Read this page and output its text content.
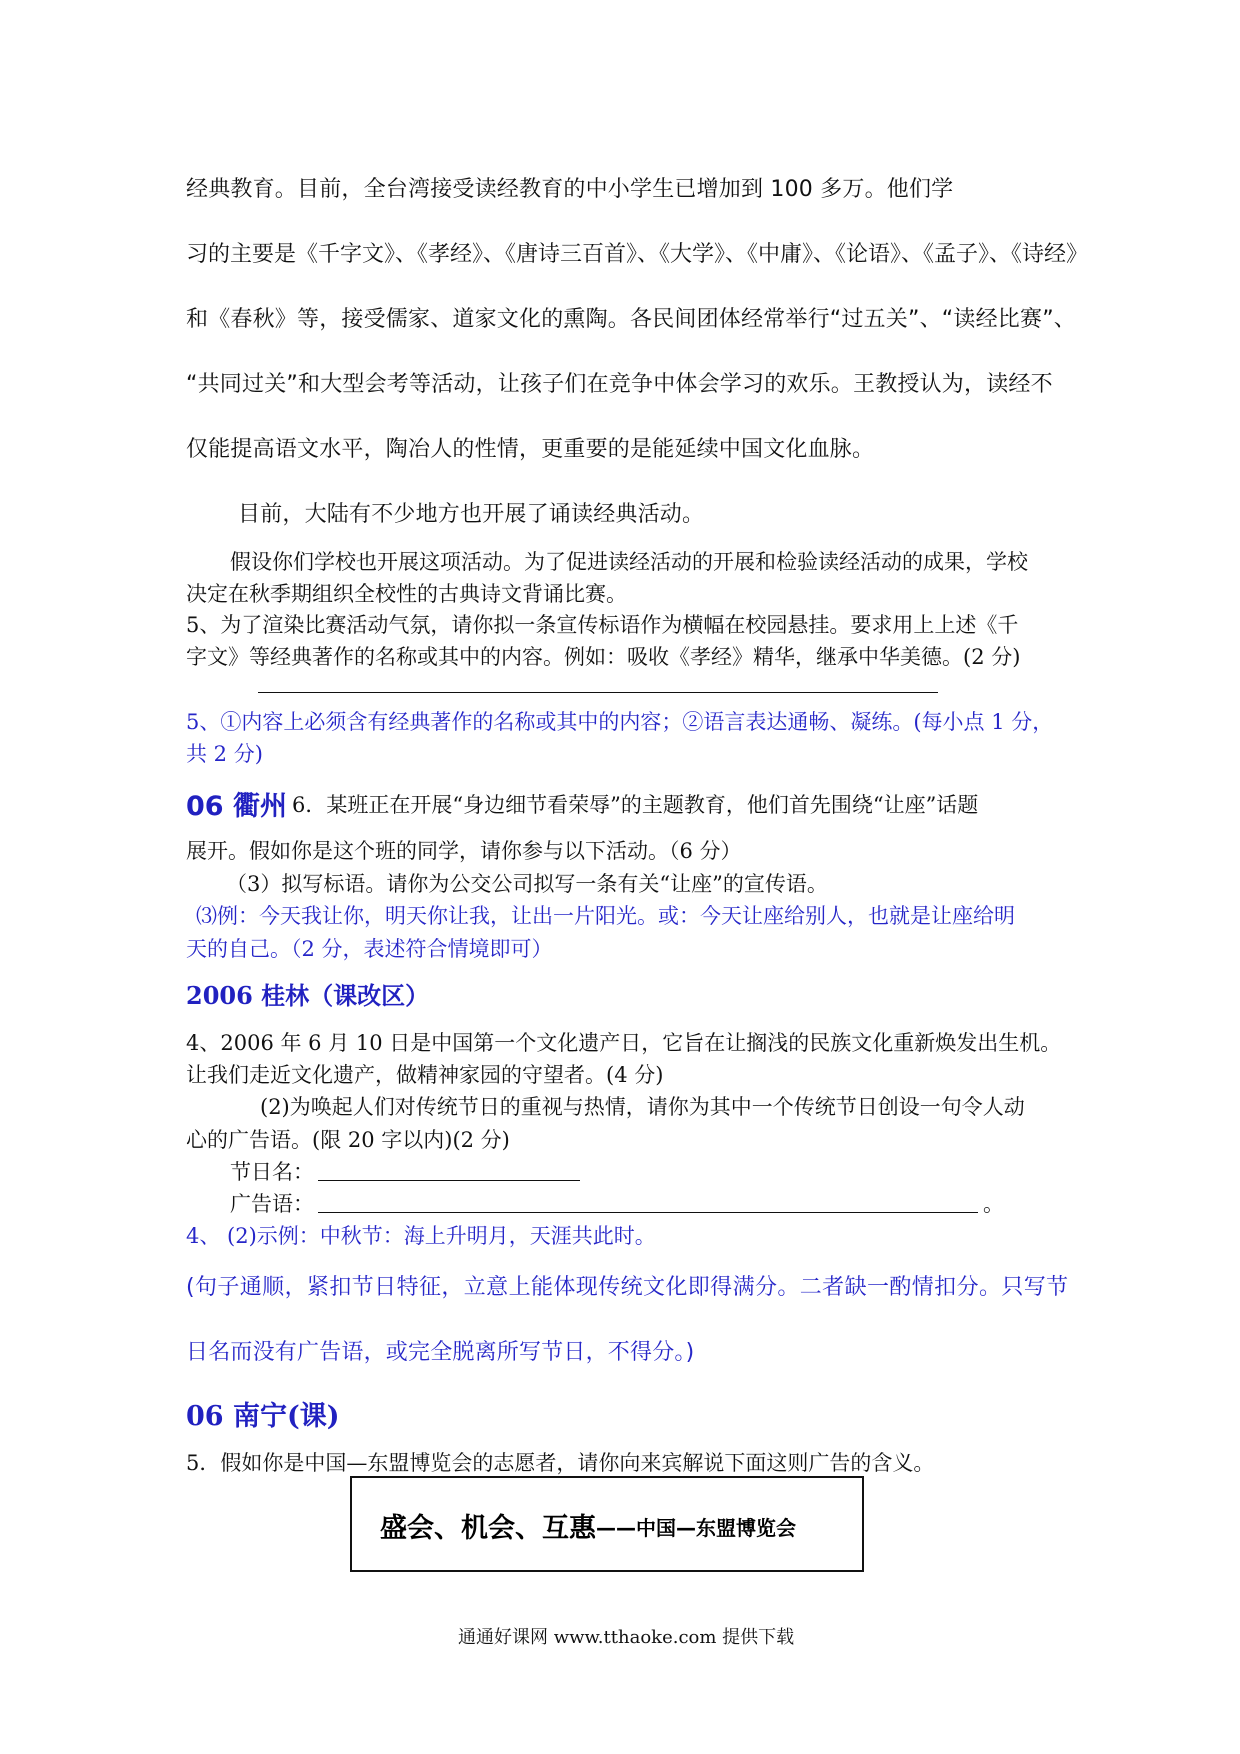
经典教育。目前，全台湾接受读经教育的中小学生已增加到 100 多万。他们学
习的主要是《千字文》、《孝经》、《唐诗三百首》、《大学》、《中庸》、《论语》、《孟子》、《诗经》
和《春秋》等，接受儒家、道家文化的熏陶。各民间团体经常举行“过五关”、“读经比赛”、
“共同过关”和大型会考等活动，让孩子们在竞争中体会学习的欢乐。王教授认为，读经不
仅能提高语文水平，陶冶人的性情，更重要的是能延续中国文化血脉。
目前，大陆有不少地方也开展了诵读经典活动。
假设你们学校也开展这项活动。为了促进读经活动的开展和检验读经活动的成果，学校
决定在秋季期组织全校性的古典诗文背诵比赛。
5、为了渲染比赛活动气氛，请你拟一条宣传标语作为横幅在校园悬挂。要求用上上述《千
字文》等经典著作的名称或其中的内容。例如：吸收《孝经》精华，继承中华美德。(2 分)
5、①内容上必须含有经典著作的名称或其中的内容；②语言表达通畅、凝练。(每小点 1 分，
共 2 分)
06 衢州 6．某班正在开展“身边细节看荣辱”的主题教育，他们首先围绕“让座”话题
展开。假如你是这个班的同学，请你参与以下活动。（6 分）
（3）拟写标语。请你为公交公司拟写一条有关“让座”的宣传语。
⑶例：今天我让你，明天你让我，让出一片阳光。或：今天让座给别人，也就是让座给明
天的自己。（2 分，表述符合情境即可）
2006 桂林（课改区）
4、2006 年 6 月 10 日是中国第一个文化遗产日，它旨在让搁浅的民族文化重新焕发出生机。
让我们走近文化遗产，做精神家园的守望者。(4 分)
(2)为唤起人们对传统节日的重视与热情，请你为其中一个传统节日创设一句令人动
心的广告语。(限 20 字以内)(2 分)
节日名：
广告语：	。
4、 (2)示例：中秋节：海上升明月，天涯共此时。
(句子通顺，紧扣节日特征，立意上能体现传统文化即得满分。二者缺一酌情扣分。只写节
日名而没有广告语，或完全脱离所写节日，不得分。)
06 南宁(课)
5．假如你是中国—东盟博览会的志愿者，请你向来宾解说下面这则广告的含义。
盛会、机会、互惠 ——中国—东盟博览会
通通好课网 www.tthaoke.com 提供下载
